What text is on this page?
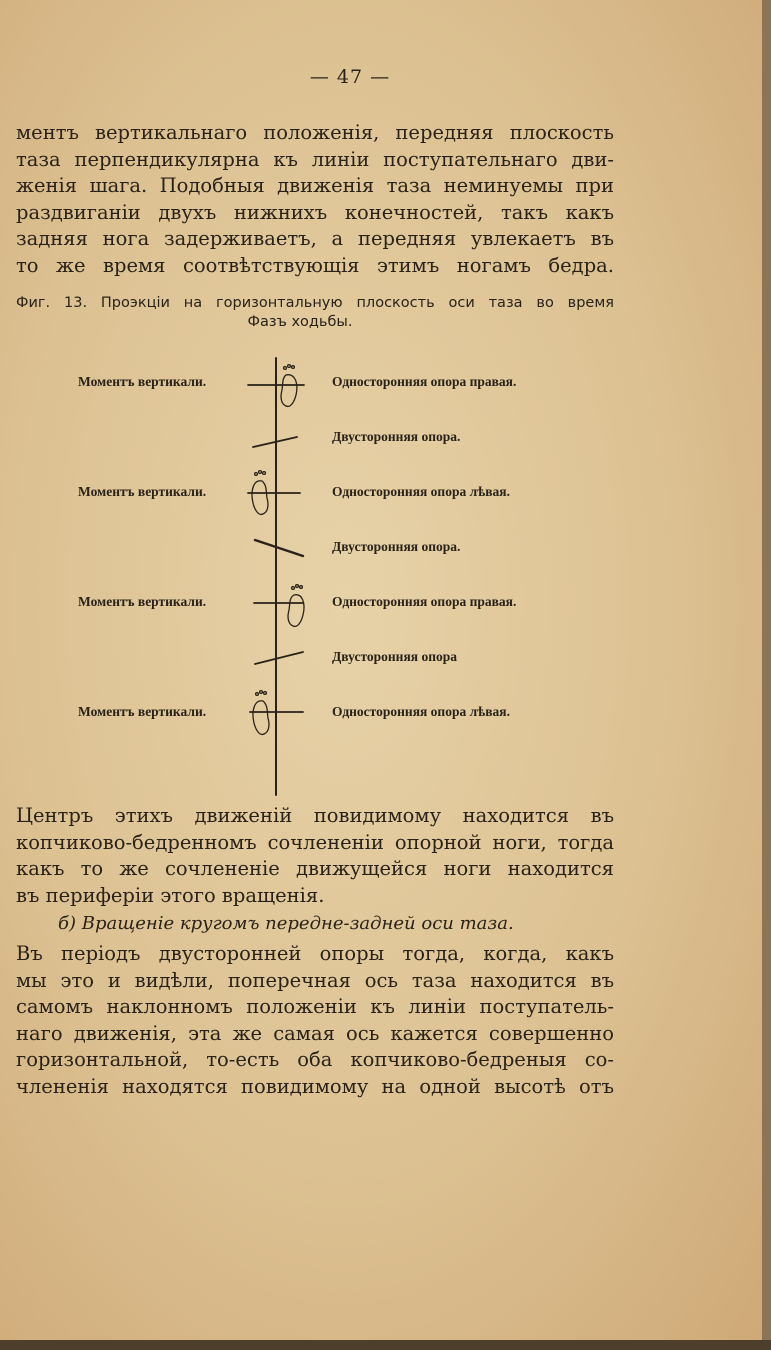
— 47 —
ментъ вертикальнаго положенія, передняя плоскость
таза перпендикулярна къ линіи поступательнаго дви-
женія шага. Подобныя движенія таза неминуемы при
раздвиганіи двухъ нижнихъ конечностей, такъ какъ
задняя нога задерживаетъ, а передняя увлекаетъ въ
то же время соотвѣтствующія этимъ ногамъ бедра.
Фиг. 13. Проэкціи на горизонтальную плоскость оси таза во время
Фазъ ходьбы.
Моментъ вертикали.	Односторонняя опора правая.
Двусторонняя опора.
Моментъ вертикали.	Односторонняя опора лѣвая.
Двусторонняя опора.
Моментъ вертикали.	Односторонняя опора правая.
Двусторонняя опора
Моментъ вертикали.	Односторонняя опора лѣвая.
Центръ этихъ движеній повидимому находится въ
копчиково-бедренномъ сочлененіи опорной ноги, тогда
какъ то же сочлененіе движущейся ноги находится
въ периферіи этого вращенія.
б) Вращеніе кругомъ передне-задней оси таза.
Въ періодъ двусторонней опоры тогда, когда, какъ
мы это и видѣли, поперечная ось таза находится въ
самомъ наклонномъ положеніи къ линіи поступатель-
наго движенія, эта же самая ось кажется совершенно
горизонтальной, то-есть оба копчиково-бедреныя со-
члененія находятся повидимому на одной высотѣ отъ
